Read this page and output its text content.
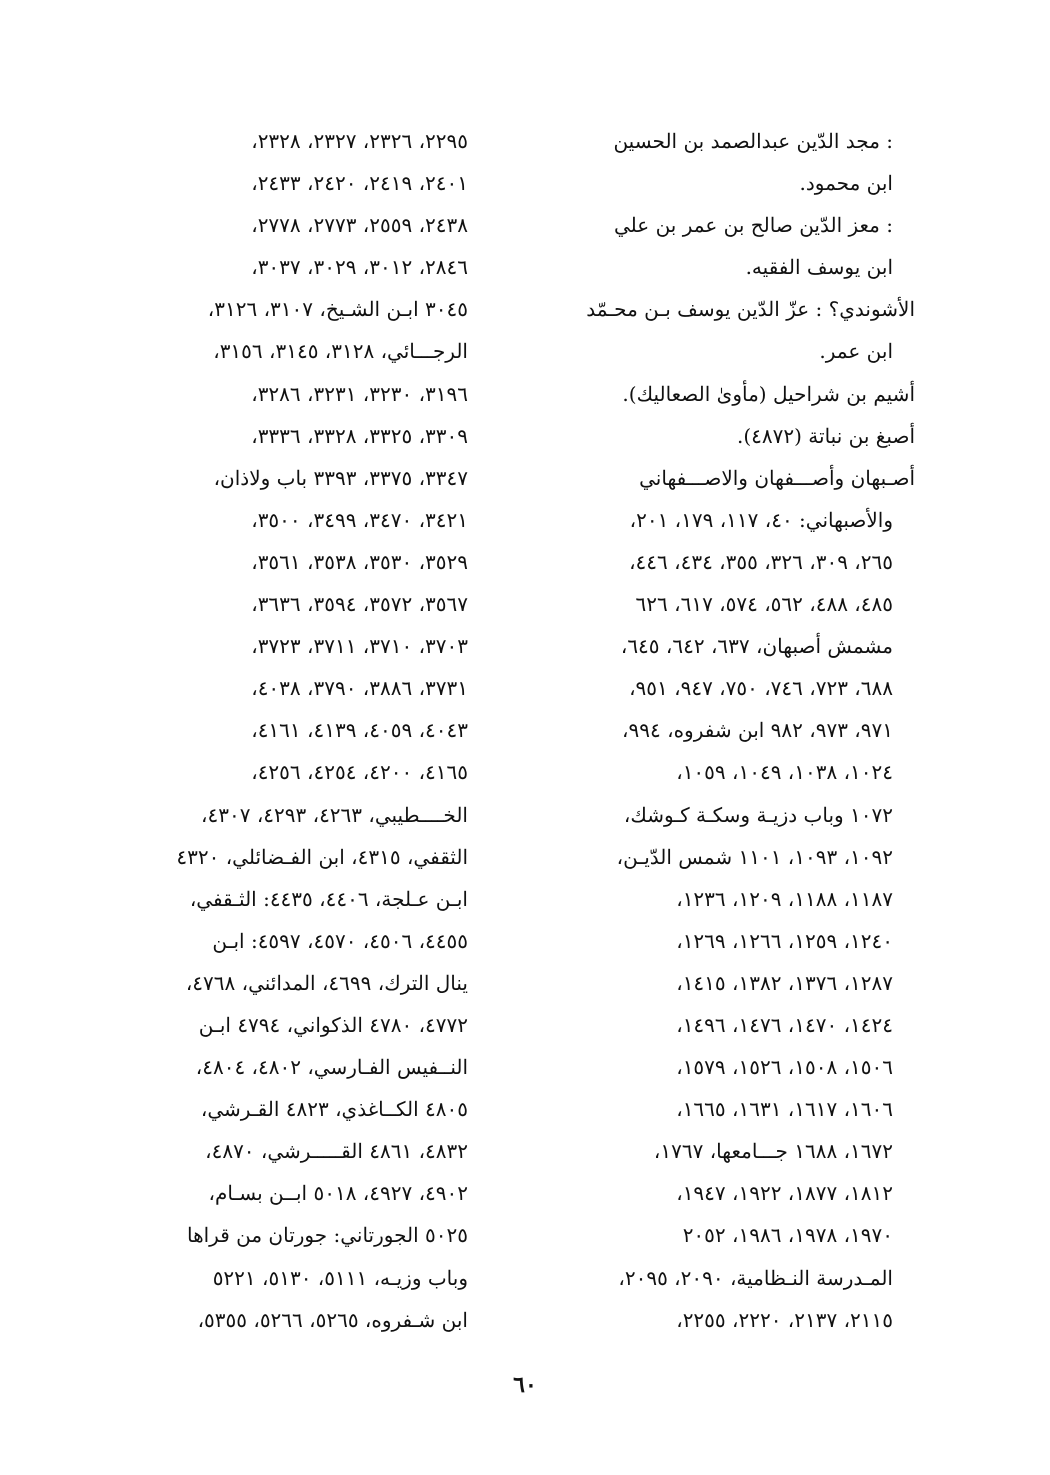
: مجد الدّين عبدالصمد بن الحسين
ابن محمود.
: معز الدّين صالح بن عمر بن علي
ابن يوسف الفقيه.
الأشوندي؟ : عزّ الدّين يوسف بـن محـمّد
ابن عمر.
أشيم بن شراحيل (مأوىٰ الصعاليك).
أصبغ بن نباتة (٤٨٧٢).
أصـبهان وأصـــفهان والاصـــفهاني
والأصبهاني: ٤٠، ١١٧، ١٧٩، ٢٠١،
٢٦٥، ٣٠٩، ٣٢٦، ٣٥٥، ٤٣٤، ٤٤٦،
٤٨٥، ٤٨٨، ٥٦٢، ٥٧٤، ٦١٧، ٦٢٦
مشمش أصبهان، ٦٣٧، ٦٤٢، ٦٤٥،
٦٨٨، ٧٢٣، ٧٤٦، ٧٥٠، ٩٤٧، ٩٥١،
٩٧١، ٩٧٣، ٩٨٢ ابن شفروه، ٩٩٤،
١٠٢٤، ١٠٣٨، ١٠٤٩، ١٠٥٩،
١٠٧٢ وباب دزيـة وسكـة كـوشك،
١٠٩٢، ١٠٩٣، ١١٠١ شمس الدّيـن،
١١٨٧، ١١٨٨، ١٢٠٩، ١٢٣٦،
١٢٤٠، ١٢٥٩، ١٢٦٦، ١٢٦٩،
١٢٨٧، ١٣٧٦، ١٣٨٢، ١٤١٥،
١٤٢٤، ١٤٧٠، ١٤٧٦، ١٤٩٦،
١٥٠٦، ١٥٠٨، ١٥٢٦، ١٥٧٩،
١٦٠٦، ١٦١٧، ١٦٣١، ١٦٦٥،
١٦٧٢، ١٦٨٨ جـــامعها، ١٧٦٧،
١٨١٢، ١٨٧٧، ١٩٢٢، ١٩٤٧،
١٩٧٠، ١٩٧٨، ١٩٨٦، ٢٠٥٢
المـدرسة النـظامية، ٢٠٩٠، ٢٠٩٥،
٢١١٥، ٢١٣٧، ٢٢٢٠، ٢٢٥٥،
٢٢٩٥، ٢٣٢٦، ٢٣٢٧، ٢٣٢٨،
٢٤٠١، ٢٤١٩، ٢٤٢٠، ٢٤٣٣،
٢٤٣٨، ٢٥٥٩، ٢٧٧٣، ٢٧٧٨،
٢٨٤٦، ٣٠١٢، ٣٠٢٩، ٣٠٣٧،
٣٠٤٥ ابـن الشـيخ، ٣١٠٧، ٣١٢٦،
الرجـــائي، ٣١٢٨، ٣١٤٥، ٣١٥٦،
٣١٩٦، ٣٢٣٠، ٣٢٣١، ٣٢٨٦،
٣٣٠٩، ٣٣٢٥، ٣٣٢٨، ٣٣٣٦،
٣٣٤٧، ٣٣٧٥، ٣٣٩٣ باب ولاذان،
٣٤٢١، ٣٤٧٠، ٣٤٩٩، ٣٥٠٠،
٣٥٢٩، ٣٥٣٠، ٣٥٣٨، ٣٥٦١،
٣٥٦٧، ٣٥٧٢، ٣٥٩٤، ٣٦٣٦،
٣٧٠٣، ٣٧١٠، ٣٧١١، ٣٧٢٣،
٣٧٣١، ٣٨٨٦، ٣٧٩٠، ٤٠٣٨،
٤٠٤٣، ٤٠٥٩، ٤١٣٩، ٤١٦١،
٤١٦٥، ٤٢٠٠، ٤٢٥٤، ٤٢٥٦،
الخــــطيبي، ٤٢٦٣، ٤٢٩٣، ٤٣٠٧،
الثقفي، ٤٣١٥، ابن الفـضائلي، ٤٣٢٠
ابـن عـلجة، ٤٤٠٦، ٤٤٣٥: الثـقفي،
٤٤٥٥، ٤٥٠٦، ٤٥٧٠، ٤٥٩٧: ابـن
ينال الترك، ٤٦٩٩، المدائني، ٤٧٦٨،
٤٧٧٢، ٤٧٨٠ الذكواني، ٤٧٩٤ ابـن
النــفيس الفـارسي، ٤٨٠٢، ٤٨٠٤،
٤٨٠٥ الكــاغذي، ٤٨٢٣ القـرشي،
٤٨٣٢، ٤٨٦١ القـــــرشي، ٤٨٧٠،
٤٩٠٢، ٤٩٢٧، ٥٠١٨ ابــن بسـام،
٥٠٢٥ الجورتاني: جورتان من قراها
وباب وزيـه، ٥١١١، ٥١٣٠، ٥٢٢١
ابن شـفروه، ٥٢٦٥، ٥٢٦٦، ٥٣٥٥،
٦٠
